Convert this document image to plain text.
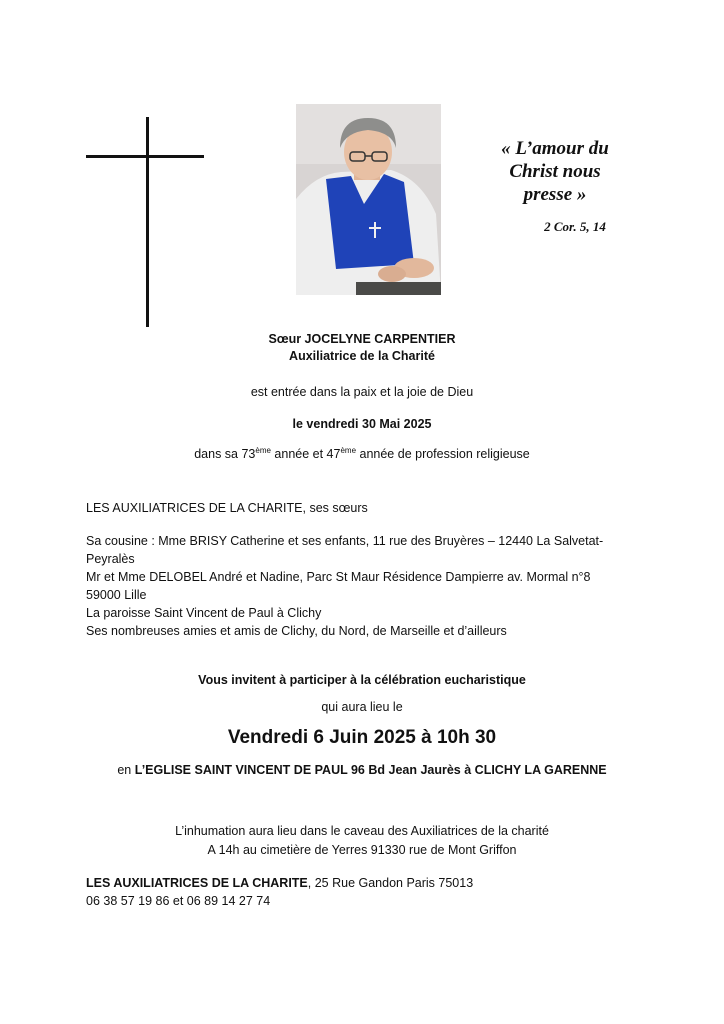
« L’amour du
Christ nous
presse »
2 Cor. 5, 14
Sœur JOCELYNE CARPENTIER
Auxiliatrice de la Charité
est entrée dans la paix et la joie de Dieu
le vendredi 30 Mai 2025
dans sa 73ème année et 47ème année de profession religieuse
LES AUXILIATRICES DE LA CHARITE, ses sœurs
Sa cousine : Mme BRISY Catherine et ses enfants, 11 rue des Bruyères – 12440 La Salvetat-
Peyralès
Mr et Mme DELOBEL André et Nadine, Parc St Maur Résidence Dampierre av. Mormal n°8
59000 Lille
La paroisse Saint Vincent de Paul à Clichy
Ses nombreuses amies et amis de Clichy, du Nord, de Marseille et d’ailleurs
Vous invitent à participer à la célébration eucharistique
qui aura lieu le
Vendredi 6 Juin 2025 à 10h 30
en L’EGLISE SAINT VINCENT DE PAUL 96 Bd Jean Jaurès à CLICHY LA GARENNE
L’inhumation aura lieu dans le caveau des Auxiliatrices de la charité
A 14h au cimetière de Yerres 91330 rue de Mont Griffon
LES AUXILIATRICES DE LA CHARITE, 25 Rue Gandon Paris 75013
06 38 57 19 86 et 06 89 14 27 74
